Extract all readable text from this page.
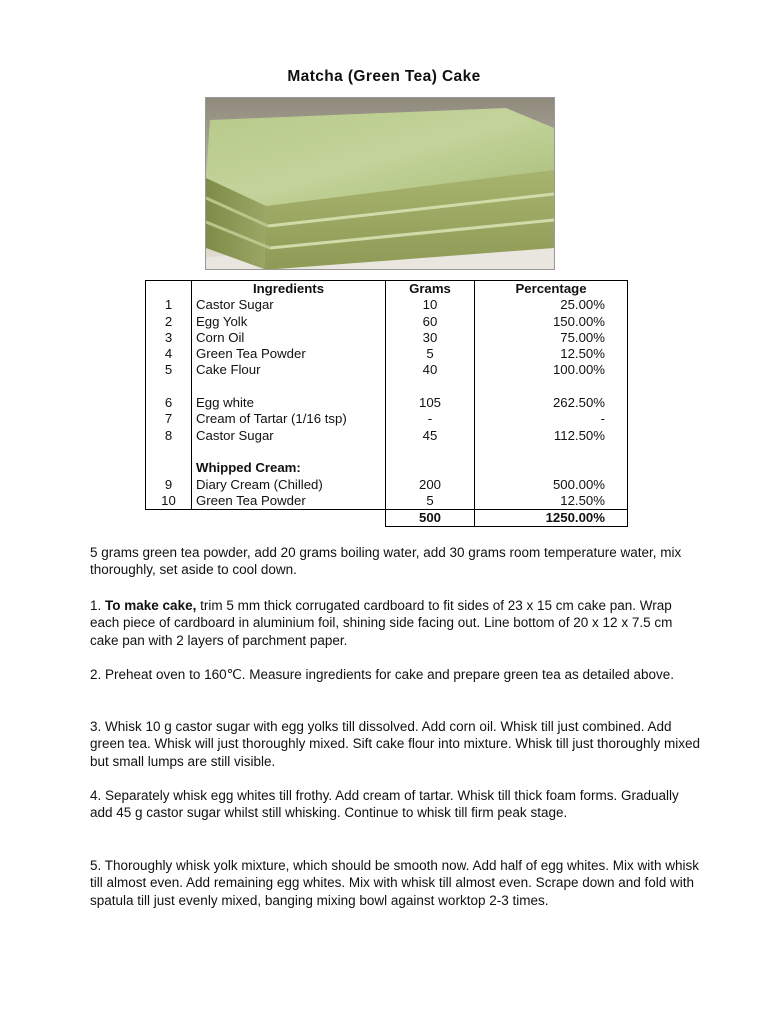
Matcha (Green Tea) Cake
	Ingredients	Grams	Percentage
1	Castor Sugar	10	25.00%
2	Egg Yolk	60	150.00%
3	Corn Oil	30	75.00%
4	Green Tea Powder	5	12.50%
5	Cake Flour	40	100.00%

6	Egg white	105	262.50%
7	Cream of Tartar (1/16 tsp)	-	-
8	Castor Sugar	45	112.50%

	Whipped Cream:		
9	Diary Cream (Chilled)	200	500.00%
10	Green Tea Powder	5	12.50%
		500	1250.00%

5 grams green tea powder, add 20 grams boiling water, add 30 grams room temperature water, mix thoroughly, set aside to cool down.

1. To make cake, trim 5 mm thick corrugated cardboard to fit sides of 23 x 15 cm cake pan. Wrap each piece of cardboard in aluminium foil, shining side facing out. Line bottom of 20 x 12 x 7.5 cm cake pan with 2 layers of parchment paper.

2. Preheat oven to 160℃. Measure ingredients for cake and prepare green tea as detailed above.

3. Whisk 10 g castor sugar with egg yolks till dissolved. Add corn oil. Whisk till just combined. Add green tea. Whisk will just thoroughly mixed. Sift cake flour into mixture. Whisk till just thoroughly mixed but small lumps are still visible.

4. Separately whisk egg whites till frothy. Add cream of tartar. Whisk till thick foam forms. Gradually add 45 g castor sugar whilst still whisking. Continue to whisk till firm peak stage.

5. Thoroughly whisk yolk mixture, which should be smooth now. Add half of egg whites. Mix with whisk till almost even. Add remaining egg whites. Mix with whisk till almost even. Scrape down and fold with spatula till just evenly mixed, banging mixing bowl against worktop 2-3 times.
